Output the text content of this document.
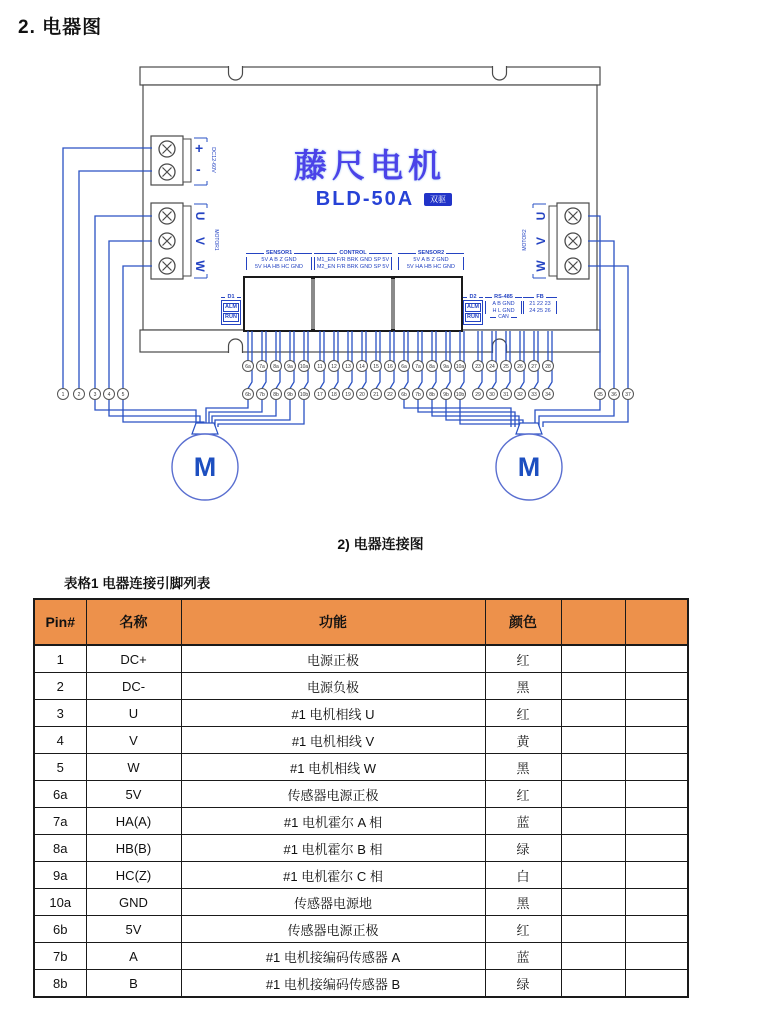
2. 电器图
1	2	3 4 5
6a 7a 8a 9a 10a
6b 7b 8b 9b 10b
11 12 13 14 15 16
17 18 19 20 21 22
6a 7a 8a 9a 10a
6b 7b 8b 9b 10b
23 24 25 26 27 28
29 30 31 32 33 34	35 36 37
+
- DC12-60V
U
V
W
MOTOR1
U
V
W
MOTOR2
藤尺电机
BLD-50A	双驱
SENSOR1
5V A B Z GND
5V HA HB HC GND
CONTROL
M1_EN F/R BRK GND SP 5V
M2_EN F/R BRK GND SP 5V
SENSOR2
5V A B Z GND
5V HA HB HC GND
D1
ALM
RUN
D2
ALM
RUN
RS-485
A B GND
H L GND
CAN
FB
21 22 23
24 25 26
M	M
2) 电器连接图
表格1 电器连接引脚列表
Pin#	名称	功能	颜色		
1	DC+	电源正极	红		
2	DC-	电源负极	黑		
3	U	#1 电机相线 U	红		
4	V	#1 电机相线 V	黄		
5	W	#1 电机相线 W	黑		
6a	5V	传感器电源正极	红		
7a	HA(A)	#1 电机霍尔 A 相	蓝		
8a	HB(B)	#1 电机霍尔 B 相	绿		
9a	HC(Z)	#1 电机霍尔 C 相	白		
10a	GND	传感器电源地	黑		
6b	5V	传感器电源正极	红		
7b	A	#1 电机接编码传感器 A	蓝		
8b	B	#1 电机接编码传感器 B	绿		
